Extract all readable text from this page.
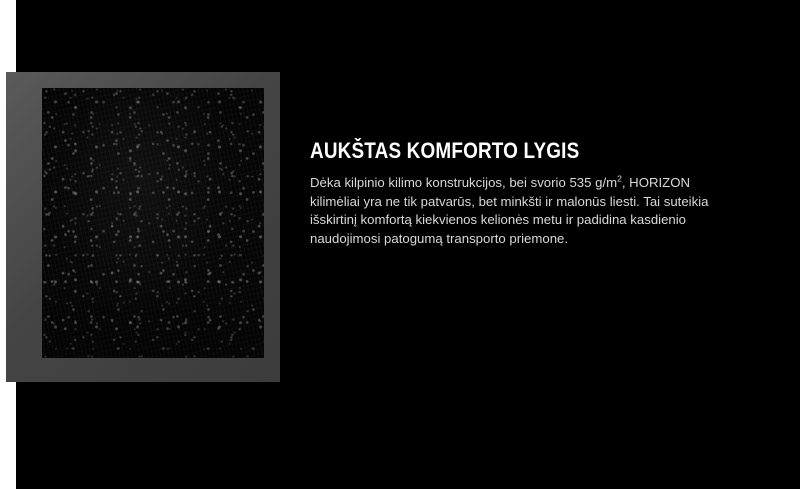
AUKŠTAS KOMFORTO LYGIS

Dėka kilpinio kilimo konstrukcijos, bei svorio 535 $g/m^2$, HORIZON kilimėliai yra ne tik patvarūs, bet minkšti ir malonūs liesti. Tai suteikia išskirtinį komfortą kiekvienos kelionės metu ir padidina kasdienio naudojimosi patogumą transporto priemone.
